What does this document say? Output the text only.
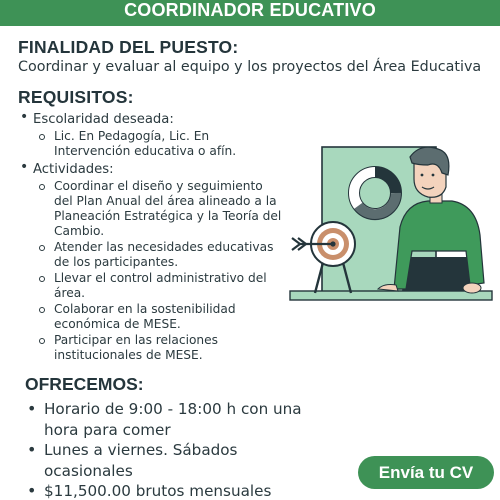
COORDINADOR EDUCATIVO
FINALIDAD DEL PUESTO:
Coordinar y evaluar al equipo y los proyectos del Área Educativa
REQUISITOS:
• Escolaridad deseada:
Lic. En Pedagogía, Lic. En Intervención educativa o afín.
• Actividades:
Coordinar el diseño y seguimiento del Plan Anual del área alineado a la Planeación Estratégica y la Teoría del Cambio.
Atender las necesidades educativas de los participantes.
Llevar el control administrativo del área.
Colaborar en la sostenibilidad económica de MESE.
Participar en las relaciones institucionales de MESE.
OFRECEMOS:
• Horario de 9:00 - 18:00 h con una hora para comer
• Lunes a viernes. Sábados ocasionales
• $11,500.00 brutos mensuales
Envía tu CV
